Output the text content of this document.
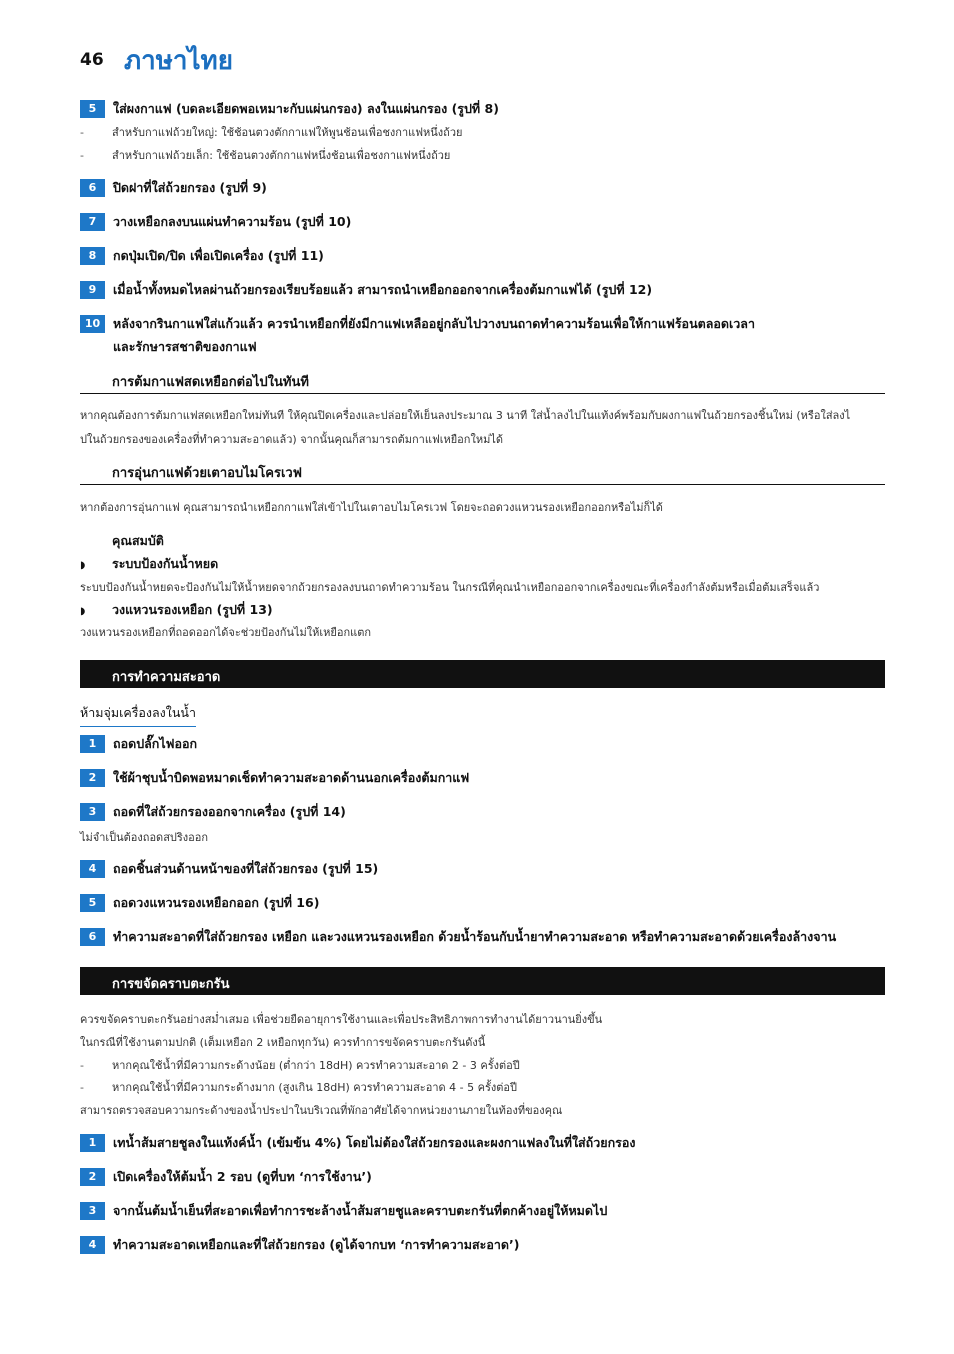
46 ภาษาไทย
5	ใส่ผงกาแฟ (บดละเอียดพอเหมาะกับแผ่นกรอง) ลงในแผ่นกรอง (รูปที่ 8)
-	สำหรับกาแฟถ้วยใหญ่: ใช้ช้อนตวงตักกาแฟให้พูนช้อนเพื่อชงกาแฟหนึ่งถ้วย
-	สำหรับกาแฟถ้วยเล็ก: ใช้ช้อนตวงตักกาแฟหนึ่งช้อนเพื่อชงกาแฟหนึ่งถ้วย
6	ปิดฝาที่ใส่ถ้วยกรอง (รูปที่ 9)
7	วางเหยือกลงบนแผ่นทำความร้อน (รูปที่ 10)
8	กดปุ่มเปิด/ปิด เพื่อเปิดเครื่อง (รูปที่ 11)
9	เมื่อน้ำทั้งหมดไหลผ่านถ้วยกรองเรียบร้อยแล้ว สามารถนำเหยือกออกจากเครื่องต้มกาแฟได้ (รูปที่ 12)
10	หลังจากรินกาแฟใส่แก้วแล้ว ควรนำเหยือกที่ยังมีกาแฟเหลืออยู่กลับไปวางบนถาดทำความร้อนเพื่อให้กาแฟร้อนตลอดเวลา
และรักษารสชาติของกาแฟ
การต้มกาแฟสดเหยือกต่อไปในทันที
หากคุณต้องการต้มกาแฟสดเหยือกใหม่ทันที ให้คุณปิดเครื่องและปล่อยให้เย็นลงประมาณ 3 นาที ใส่น้ำลงไปในแท้งค์พร้อมกับผงกาแฟในถ้วยกรองชิ้นใหม่ (หรือใส่ลงไ
ปในถ้วยกรองของเครื่องที่ทำความสะอาดแล้ว) จากนั้นคุณก็สามารถต้มกาแฟเหยือกใหม่ได้
การอุ่นกาแฟด้วยเตาอบไมโครเวฟ
หากต้องการอุ่นกาแฟ คุณสามารถนำเหยือกกาแฟใส่เข้าไปในเตาอบไมโครเวฟ โดยจะถอดวงแหวนรองเหยือกออกหรือไม่ก็ได้
คุณสมบัติ
◗ ระบบป้องกันน้ำหยด
ระบบป้องกันน้ำหยดจะป้องกันไม่ให้น้ำหยดจากถ้วยกรองลงบนถาดทำความร้อน ในกรณีที่คุณนำเหยือกออกจากเครื่องขณะที่เครื่องกำลังต้มหรือเมื่อต้มเสร็จแล้ว
◗ วงแหวนรองเหยือก (รูปที่ 13)
วงแหวนรองเหยือกที่ถอดออกได้จะช่วยป้องกันไม่ให้เหยือกแตก
การทำความสะอาด
ห้ามจุ่มเครื่องลงในน้ำ
1	ถอดปลั๊กไฟออก
2	ใช้ผ้าชุบน้ำบิดพอหมาดเช็ดทำความสะอาดด้านนอกเครื่องต้มกาแฟ
3	ถอดที่ใส่ถ้วยกรองออกจากเครื่อง (รูปที่ 14)
ไม่จำเป็นต้องถอดสปริงออก
4	ถอดชิ้นส่วนด้านหน้าของที่ใส่ถ้วยกรอง (รูปที่ 15)
5	ถอดวงแหวนรองเหยือกออก (รูปที่ 16)
6	ทำความสะอาดที่ใส่ถ้วยกรอง เหยือก และวงแหวนรองเหยือก ด้วยน้ำร้อนกับน้ำยาทำความสะอาด หรือทำความสะอาดด้วยเครื่องล้างจาน
การขจัดคราบตะกรัน
ควรขจัดคราบตะกรันอย่างสม่ำเสมอ เพื่อช่วยยืดอายุการใช้งานและเพื่อประสิทธิภาพการทำงานได้ยาวนานยิ่งขึ้น
ในกรณีที่ใช้งานตามปกติ (เต็มเหยือก 2 เหยือกทุกวัน) ควรทำการขจัดคราบตะกรันดังนี้
-	หากคุณใช้น้ำที่มีความกระด้างน้อย (ต่ำกว่า 18dH) ควรทำความสะอาด 2 - 3 ครั้งต่อปี
-	หากคุณใช้น้ำที่มีความกระด้างมาก (สูงเกิน 18dH) ควรทำความสะอาด 4 - 5 ครั้งต่อปี
สามารถตรวจสอบความกระด้างของน้ำประปาในบริเวณที่พักอาศัยได้จากหน่วยงานภายในท้องที่ของคุณ
1	เทน้ำส้มสายชูลงในแท้งค์น้ำ (เข้มข้น 4%) โดยไม่ต้องใส่ถ้วยกรองและผงกาแฟลงในที่ใส่ถ้วยกรอง
2	เปิดเครื่องให้ต้มน้ำ 2 รอบ (ดูที่บท ‘การใช้งาน’)
3	จากนั้นต้มน้ำเย็นที่สะอาดเพื่อทำการชะล้างน้ำส้มสายชูและคราบตะกรันที่ตกค้างอยู่ให้หมดไป
4	ทำความสะอาดเหยือกและที่ใส่ถ้วยกรอง (ดูได้จากบท ‘การทำความสะอาด’)
